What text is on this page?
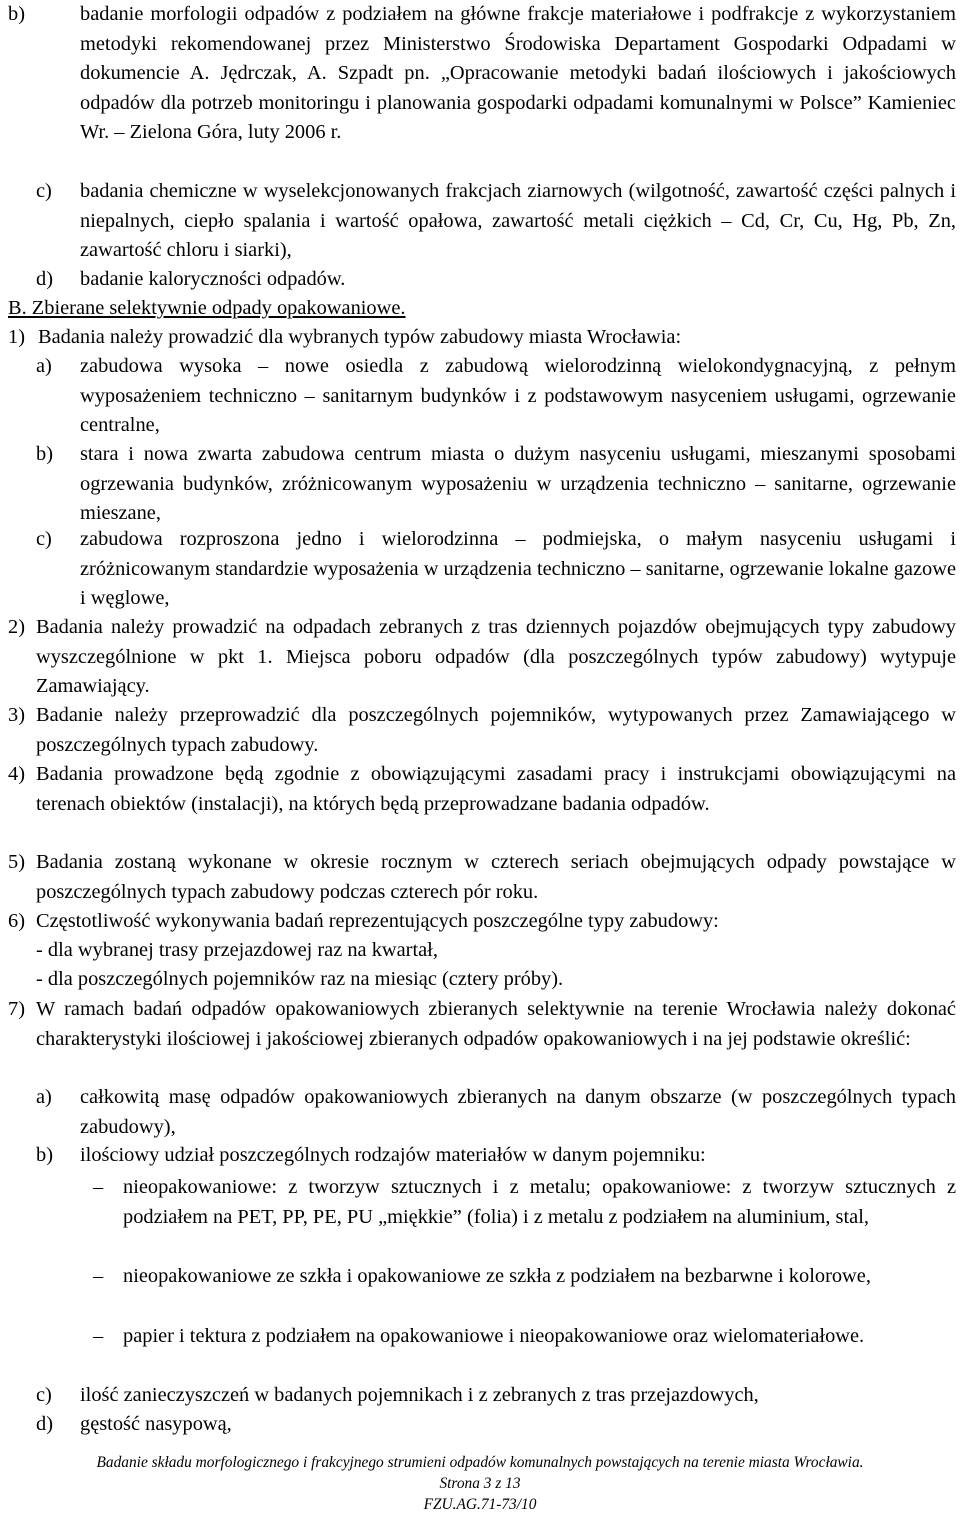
b)	badanie morfologii odpadów z podziałem na główne frakcje materiałowe i podfrakcje z wykorzystaniem metodyki rekomendowanej przez Ministerstwo Środowiska Departament Gospodarki Odpadami w dokumencie A. Jędrczak, A. Szpadt pn. „Opracowanie metodyki badań ilościowych i jakościowych odpadów dla potrzeb monitoringu i planowania gospodarki odpadami komunalnymi w Polsce” Kamieniec Wr. – Zielona Góra, luty 2006 r.
c)	badania chemiczne w wyselekcjonowanych frakcjach ziarnowych (wilgotność, zawartość części palnych i niepalnych, ciepło spalania i wartość opałowa, zawartość metali ciężkich – Cd, Cr, Cu, Hg, Pb, Zn, zawartość chloru i siarki),
d)	badanie kaloryczności odpadów.
B. Zbierane selektywnie odpady opakowaniowe.
1) Badania należy prowadzić dla wybranych typów zabudowy miasta Wrocławia:
a)	zabudowa wysoka – nowe osiedla z zabudową wielorodzinną wielokondygnacyjną, z pełnym wyposażeniem techniczno – sanitarnym budynków i z podstawowym nasyceniem usługami, ogrzewanie centralne,
b)	stara i nowa zwarta zabudowa centrum miasta o dużym nasyceniu usługami, mieszanymi sposobami ogrzewania budynków, zróżnicowanym wyposażeniu w urządzenia techniczno – sanitarne, ogrzewanie mieszane,
c)	zabudowa rozproszona jedno i wielorodzinna – podmiejska, o małym nasyceniu usługami i zróżnicowanym standardzie wyposażenia w urządzenia techniczno – sanitarne, ogrzewanie lokalne gazowe i węglowe,
2) Badania należy prowadzić na odpadach zebranych z tras dziennych pojazdów obejmujących typy zabudowy wyszczególnione w pkt 1. Miejsca poboru odpadów (dla poszczególnych typów zabudowy) wytypuje Zamawiający.
3) Badanie należy przeprowadzić dla poszczególnych pojemników, wytypowanych przez Zamawiającego w poszczególnych typach zabudowy.
4) Badania prowadzone będą zgodnie z obowiązującymi zasadami pracy i instrukcjami obowiązującymi na terenach obiektów (instalacji), na których będą przeprowadzane badania odpadów.
5) Badania zostaną wykonane w okresie rocznym w czterech seriach obejmujących odpady powstające w poszczególnych typach zabudowy podczas czterech pór roku.
6) Częstotliwość wykonywania badań reprezentujących poszczególne typy zabudowy:
- dla wybranej trasy przejazdowej raz na kwartał,
- dla poszczególnych pojemników raz na miesiąc (cztery próby).
7) W ramach badań odpadów opakowaniowych zbieranych selektywnie na terenie Wrocławia należy dokonać charakterystyki ilościowej i jakościowej zbieranych odpadów opakowaniowych i na jej podstawie określić:
a)	całkowitą masę odpadów opakowaniowych zbieranych na danym obszarze (w poszczególnych typach zabudowy),
b)	ilościowy udział poszczególnych rodzajów materiałów w danym pojemniku:
– nieopakowaniowe: z tworzyw sztucznych i z metalu; opakowaniowe: z tworzyw sztucznych z podziałem na PET, PP, PE, PU „miękkie” (folia) i z metalu z podziałem na aluminium, stal,
– nieopakowaniowe ze szkła i opakowaniowe ze szkła z podziałem na bezbarwne i kolorowe,
– papier i tektura z podziałem na opakowaniowe i nieopakowaniowe oraz wielomateriałowe.
c)	ilość zanieczyszczeń w badanych pojemnikach i z zebranych z tras przejazdowych,
d)	gęstość nasypową,
Badanie składu morfologicznego i frakcyjnego strumieni odpadów komunalnych powstających na terenie miasta Wrocławia.
Strona 3 z 13
FZU.AG.71-73/10
